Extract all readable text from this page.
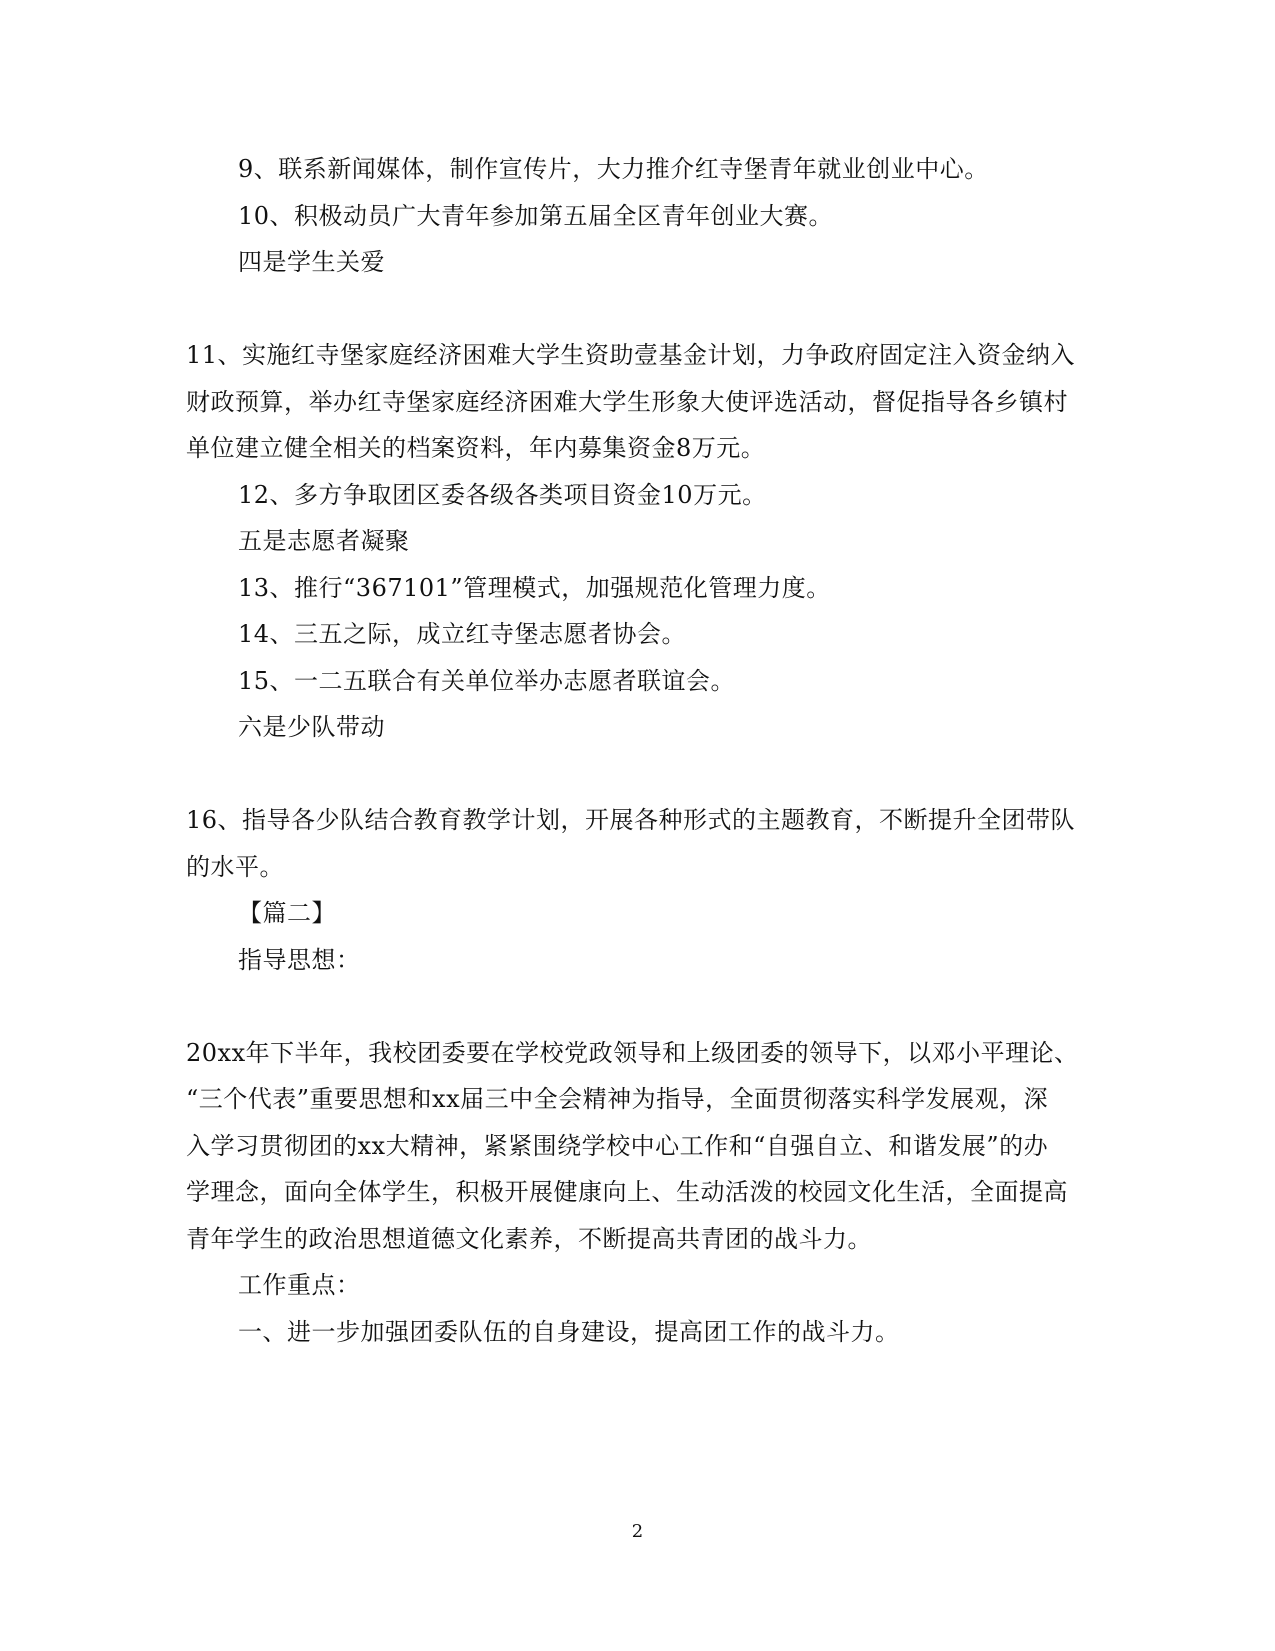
9、联系新闻媒体，制作宣传片，大力推介红寺堡青年就业创业中心。
10、积极动员广大青年参加第五届全区青年创业大赛。
四是学生关爱
11、实施红寺堡家庭经济困难大学生资助壹基金计划，力争政府固定注入资金纳入
财政预算，举办红寺堡家庭经济困难大学生形象大使评选活动，督促指导各乡镇村
单位建立健全相关的档案资料，年内募集资金8万元。
12、多方争取团区委各级各类项目资金10万元。
五是志愿者凝聚
13、推行“367101”管理模式，加强规范化管理力度。
14、三五之际，成立红寺堡志愿者协会。
15、一二五联合有关单位举办志愿者联谊会。
六是少队带动
16、指导各少队结合教育教学计划，开展各种形式的主题教育，不断提升全团带队
的水平。
【篇二】
指导思想：
20xx年下半年，我校团委要在学校党政领导和上级团委的领导下，以邓小平理论、
“三个代表”重要思想和xx届三中全会精神为指导，全面贯彻落实科学发展观，深
入学习贯彻团的xx大精神，紧紧围绕学校中心工作和“自强自立、和谐发展”的办
学理念，面向全体学生，积极开展健康向上、生动活泼的校园文化生活，全面提高
青年学生的政治思想道德文化素养，不断提高共青团的战斗力。
工作重点：
一、进一步加强团委队伍的自身建设，提高团工作的战斗力。
2
